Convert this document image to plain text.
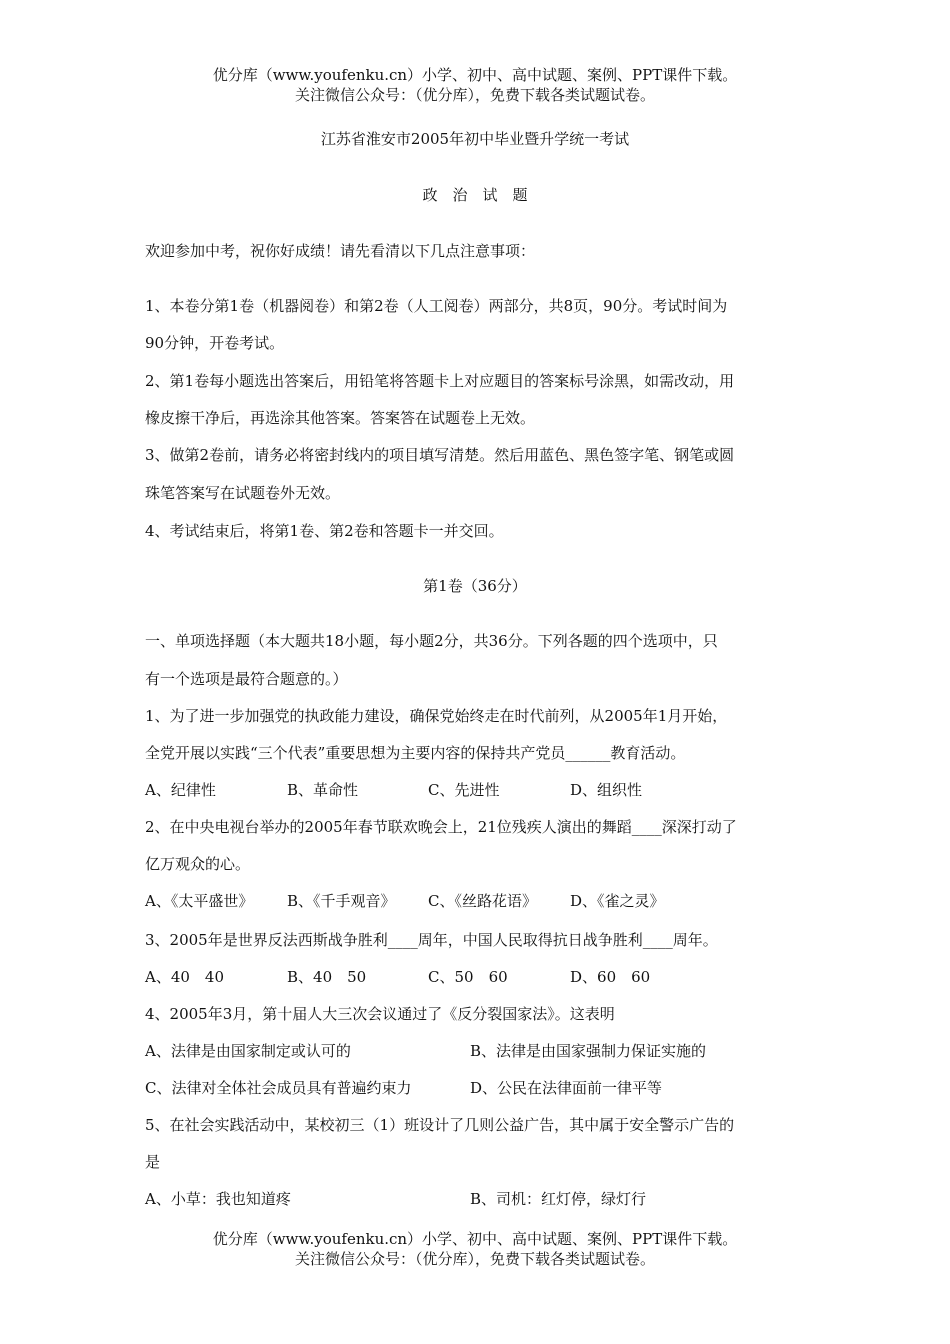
优分库（www.youfenku.cn）小学、初中、高中试题、案例、PPT课件下载。
关注微信公众号：（优分库），免费下载各类试题试卷。
江苏省淮安市2005年初中毕业暨升学统一考试
政　治　试　题
欢迎参加中考，祝你好成绩！请先看清以下几点注意事项：
1、本卷分第1卷（机器阅卷）和第2卷（人工阅卷）两部分，共8页，90分。考试时间为
90分钟，开卷考试。
2、第1卷每小题选出答案后，用铅笔将答题卡上对应题目的答案标号涂黑，如需改动，用
橡皮擦干净后，再选涂其他答案。答案答在试题卷上无效。
3、做第2卷前，请务必将密封线内的项目填写清楚。然后用蓝色、黑色签字笔、钢笔或圆
珠笔答案写在试题卷外无效。
4、考试结束后，将第1卷、第2卷和答题卡一并交回。
第1卷（36分）
一、单项选择题（本大题共18小题，每小题2分，共36分。下列各题的四个选项中，只
有一个选项是最符合题意的。）
1、为了进一步加强党的执政能力建设，确保党始终走在时代前列，从2005年1月开始，
全党开展以实践“三个代表”重要思想为主要内容的保持共产党员______教育活动。
A、纪律性	B、革命性	C、先进性	D、组织性
2、在中央电视台举办的2005年春节联欢晚会上，21位残疾人演出的舞蹈____深深打动了
亿万观众的心。
A、《太平盛世》 B、《千手观音》 C、《丝路花语》 D、《雀之灵》
3、2005年是世界反法西斯战争胜利____周年，中国人民取得抗日战争胜利____周年。
A、40　40	B、40　50	C、50　60	D、60　60
4、2005年3月，第十届人大三次会议通过了《反分裂国家法》。这表明
A、法律是由国家制定或认可的	B、法律是由国家强制力保证实施的
C、法律对全体社会成员具有普遍约束力	D、公民在法律面前一律平等
5、在社会实践活动中，某校初三（1）班设计了几则公益广告，其中属于安全警示广告的
是
A、小草：我也知道疼	B、司机：红灯停，绿灯行
优分库（www.youfenku.cn）小学、初中、高中试题、案例、PPT课件下载。
关注微信公众号：（优分库），免费下载各类试题试卷。
